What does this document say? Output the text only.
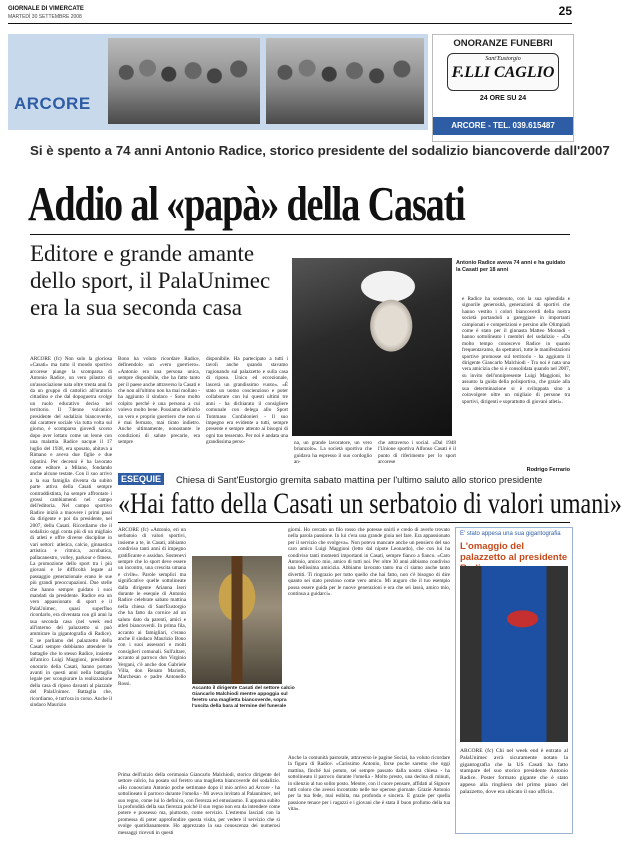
GIORNALE DI VIMERCATE
MARTEDÌ 30 SETTEMBRE 2008	25
ARCORE
ONORANZE FUNEBRI
Sant'Eustorgio
F.LLI CAGLIO
24 ORE SU 24
ARCORE - TEL. 039.615487
Si è spento a 74 anni Antonio Radice, storico presidente del sodalizio biancoverde dall'2007
Addio al «papà» della Casati
Editore e grande amante dello sport, il PalaUnimec era la sua seconda casa
Antonio Radice aveva 74 anni e ha guidato la Casati per 18 anni
ARCORE (fc) Non solo la gloriosa «Casati» ma tutto il mondo sportivo arcorese piange la scomparsa di Antonio Radice, un vero pilastro di un'associazione nata oltre trenta anni fa da un gruppo di cattolici all'oratorio cittadino e che dal dopoguerra svolge un ruolo educativo deciso nel territorio. Il 74enne vulcanico presidente del sodalizio biancoverde, dal carattere sociale via tutta volta sul giorno, è scomparso giovedì scorso dopo aver lottato come un leone con una malattia. Radice nacque il 17 luglio del 1938, era sposato, abitava a Rimano e aveva due figlie e due nipotini. Per decenni è ha lavorato come editore a Milano, fondando anche alcune testate. Con il suo arrivo a la sua famiglia diventa da subito parte attiva della Casati sempre contraddistinta, ha sempre affrontato i grossi cambiamenti nel campo dell'editoria. Nel campo sportivo Radice iniziò a muovere i primi passi da dirigente e poi da presidente, nel 2007, della Casati. Ricordiamo che il sodalizio oggi conta più di un migliaio di atleti e offre diverse discipline in vari settori: atletica, calcio, ginnastica artistica e ritmica, acrobatica, pallacanestro, volley, parkour e fitness. La promozione dello sport tra i più giovani e le difficoltà legate al passaggio generazionale erano le sue più grandi preoccupazioni. Due stelle che hanno sempre guidato i suoi mandati da presidente. Radice era un vero appassionato di sport e il PalaUnimec, quasi superfluo ricordarlo, era diventata con gli anni la sua seconda casa (nel week end all'interno del palazzetto si può ammirare la gigantografia di Radice). E se parliamo del palazzetto della Casati sempre dobbiamo attendere le battaglie che lo stesso Radice, insieme all'amico Luigi Maggioni, presidente onorario della Casati, hanno portato avanti in questi anni nella battaglia legale per scongiurare la realizzazione della casa di riposo davanti al piazzale del PalaUnimec. Battaglia che, ricordiamo, è tutt'ora in corso. Anche il sindaco Maurizio
Bono ha voluto ricordare Radice, definendolo un «vero guerriero». «Antonio era una persona unica, sempre disponibile, che ha fatto tanto per il paese anche attraverso la Casati e che non all'ultimo non ha mai mollato - ha aggiunto il sindaco - Sono molto colpito perché è una persona a cui volevo molto bene. Possiamo definirlo un vero e proprio guerriero che non si è mai fermato, mai tirato indietro. Anche ultimamente, nonostante le condizioni di salute precarie, era sempre
disponibile. Ha partecipato a tutti i tavoli anche quando stavamo ragionando sul palazzetto e sulla casa di riposo. Unico ed eccezionale, lascerà un grandissimo vuoto». «È stato un uomo coscienzioso e poter collaborare con lui questi ultimi tre anni - ha dichiarato il consigliere comunale con delega allo Sport Tommaso Confalonieri - Il suo impegno era evidente a tutti, sempre presente e sempre attento ai bisogni di ogni tuo tesserato. Per noi è andata una grandissima perso-	na, un grande lavoratore, un vero brianzolo». La società sportiva che guidava ha espresso il suo cordoglio an-
che attraverso i social. «Dal 1948 l'Unione sportiva Alfonso Casati è il punto di riferimento per lo sport arcorese
e Radice ha sostenuto, con la sua splendida e signorile generosità, generazioni di sportivi che hanno vestito i colori biancoverdi della nostra società portandoli a gareggiare in importanti campionati e competizioni e persino alle Olimpiadi come è stato per il ginnasta Matteo Morandi - hanno sottolineato i membri del sodalizio - «Da molto tempo conoscevo Radice in quanto frequentavamo, da spettatori, tutte le manifestazioni sportive promosse sul territorio - ha aggiunto il dirigente Giancarlo Malchiodi - Tra noi è nata una vera amicizia che si è consolidata quando nel 2007, su invito dell'onnipresente Luigi Maggioni, ho assunto la guida della polisportiva, che grazie alla sua determinazione si è sviluppata sino a coinvolgere oltre un migliaio di persone tra sportivi, dirigenti e soprattutto di giovani atleti».
Rodrigo Ferrario
ESEQUIE	Chiesa di Sant'Eustorgio gremita sabato mattina per l'ultimo saluto allo storico presidente
«Hai fatto della Casati un serbatoio di valori umani»
ARCORE (fc) «Antonio, eri un serbatoio di valori sportivi, insieme a te, in Casati, abbiamo condiviso tanti anni di impegno gratificante e assiduo. Sostenevi sempre che lo sport deve essere un incontro, una crescita umana e civile». Parole semplici ma significative quelle sottolineate dalla dirigente Arianna Iseri durante le esequie di Antonio Radice celebrate sabato mattina nella chiesa di Sant'Eustorgio che ha fatto da cornice ad un saluto dato da parenti, amici e atleti biancoverdi. In prima fila, accanto ai famigliari, c'erano anche il sindaco Maurizio Bono con i suoi assessori e molti consiglieri comunali. Sull'altare, accanto al parroco don Virginio Vergani, c'è anche don Gabriele Villa, don Renato Mariotti, Marchesan e padre Antonello Rossi.
Prima dell'inizio della cerimonia Giancarlo Malchiodi, storico dirigente del settore calcio, ha posato sul feretro una maglietta biancoverde del sodalizio. «Ho conosciuto Antonio poche settimane dopo il mio arrivo ad Arcore - ha sottolineato il parroco durante l'omelia - Mi aveva invitato al Palaunimec, nel suo regno, come lui lo definiva, con fierezza ed entusiasmo. E apparsa subito la profondità della sua fierezza poiché il suo regno non era da intendere come potere e possesso ma, piuttosto, come servizio. L'estremo lasciati con la promessa di poter approfondire questa visita, per vedere il servizio che si svolge quotidianamente. Ho apprezzato la sua conoscenza dei numerosi messaggi ricevuti in questi
Accanto il dirigente Casati del settore calcio Giancarlo Malchiodi mentre appoggia sul feretro una maglietta biancoverde, sopra l'uscita della bara al termine del funerale
giorni. Ho cercato un filo rosso che potesse unirli e credo di averlo trovato nella parola passione. In lui c'era una grande gioia nel fare. Era appassionato per il servizio che svolgeva». Non poteva mancare anche un pensiero del suo caro amico Luigi Maggioni (letto dal nipote Leonardo), che con lui ha condiviso tanti momenti importanti in Casati, sempre fianco a fianco. «Caro Antonio, amico mio, amico di tutti noi. Per oltre 30 anni abbiamo condiviso una bellissima amicizia. Abbiamo lavorato tanto ma ci siamo anche tanto divertiti. Ti ringrazio per tutto quello che hai fatto, non c'è bisogno di dire quanto sei stato prezioso come vero amico. Mi auguro che il tuo esempio possa essere guida per le nuove generazioni e ora che sei lassù, amico mio, continua a guidarci».
Anche la comunità pastorale, attraverso le pagine Social, ha voluto ricordare la figura di Radice. «Carissimo Antonio, forse poche saremo che oggi mattina, finché hai potuto, sei sempre passato dalla nostra chiesa - ha sottolineato il parroco durante l'omelia - Molto presto, una decina di minuti, in silenzio al tuo solito posto. Mentre, con il cuore pensare, affidati al Signore tutti coloro che avessi incontrato nelle tue operose giornate. Grazie Antonio per la tua fede, mai esibita, ma profonda e sincera. E grazie per quella passione tenace per i ragazzi e i giovani che è stata il buon profumo della tua vita».
E' stato appesa una sua gigantografia
L'omaggio del palazzetto al presidente
ARCORE (fc) Chi nel week end è entrato al PalaUnimec avrà sicuramente notato la gigantografia che la US Casati ha fatto stampare del suo storico presidente Antonio Radice. Poster formato gigante che è stato appeso alla ringhiera del primo piano del palazzetto, dove era ubicato il suo ufficio.
